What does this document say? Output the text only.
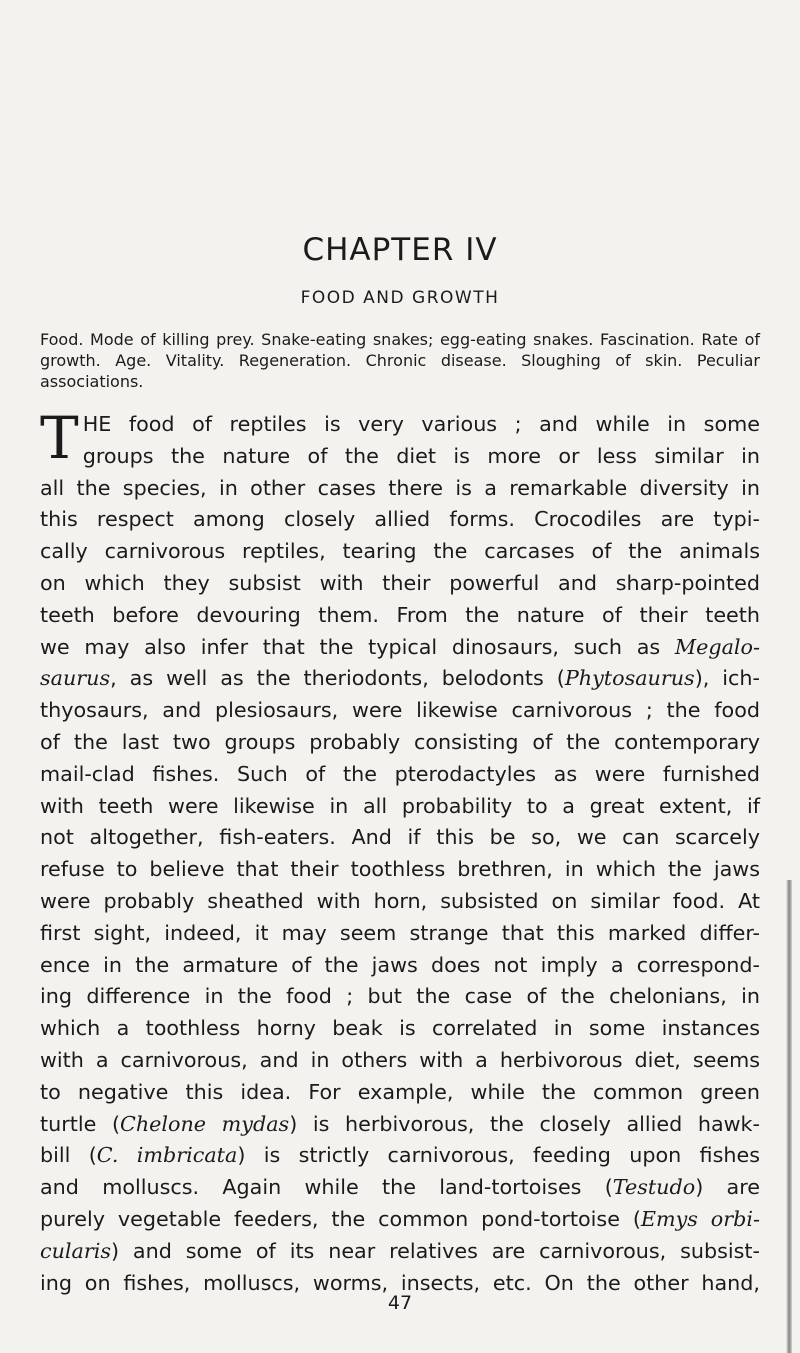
CHAPTER IV
FOOD AND GROWTH

Food. Mode of killing prey. Snake-eating snakes; egg-eating snakes. Fascination. Rate of growth. Age. Vitality. Regeneration. Chronic disease. Sloughing of skin. Peculiar associations.

T HE food of reptiles is very various ; and while in some
groups the nature of the diet is more or less similar in
all the species, in other cases there is a remarkable diversity in
this respect among closely allied forms. Crocodiles are typi-
cally carnivorous reptiles, tearing the carcases of the animals
on which they subsist with their powerful and sharp-pointed
teeth before devouring them. From the nature of their teeth
we may also infer that the typical dinosaurs, such as Megalo-
saurus, as well as the theriodonts, belodonts (Phytosaurus), ich-
thyosaurs, and plesiosaurs, were likewise carnivorous ; the food
of the last two groups probably consisting of the contemporary
mail-clad fishes. Such of the pterodactyles as were furnished
with teeth were likewise in all probability to a great extent, if
not altogether, fish-eaters. And if this be so, we can scarcely
refuse to believe that their toothless brethren, in which the jaws
were probably sheathed with horn, subsisted on similar food. At
first sight, indeed, it may seem strange that this marked differ-
ence in the armature of the jaws does not imply a correspond-
ing difference in the food ; but the case of the chelonians, in
which a toothless horny beak is correlated in some instances
with a carnivorous, and in others with a herbivorous diet, seems
to negative this idea. For example, while the common green
turtle (Chelone mydas) is herbivorous, the closely allied hawk-
bill (C. imbricata) is strictly carnivorous, feeding upon fishes
and molluscs. Again while the land-tortoises (Testudo) are
purely vegetable feeders, the common pond-tortoise (Emys orbi-
cularis) and some of its near relatives are carnivorous, subsist-
ing on fishes, molluscs, worms, insects, etc. On the other hand,
47
